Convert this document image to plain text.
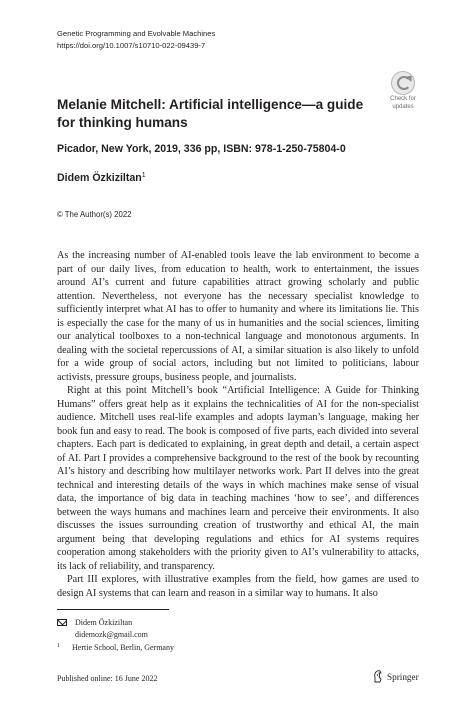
Genetic Programming and Evolvable Machines
https://doi.org/10.1007/s10710-022-09439-7
Check for
updates
Melanie Mitchell: Artificial intelligence—a guide for thinking humans
Picador, New York, 2019, 336 pp, ISBN: 978-1-250-75804-0
Didem Özkiziltan$^1$
© The Author(s) 2022

As the increasing number of AI-enabled tools leave the lab environment to become a part of our daily lives, from education to health, work to entertainment, the issues around AI’s current and future capabilities attract growing scholarly and public attention. Nevertheless, not everyone has the necessary specialist knowledge to sufficiently interpret what AI has to offer to humanity and where its limitations lie. This is especially the case for the many of us in humanities and the social sciences, limiting our analytical toolboxes to a non-technical language and monotonous arguments. In dealing with the societal repercussions of AI, a similar situation is also likely to unfold for a wide group of social actors, including but not limited to politicians, labour activists, pressure groups, business people, and journalists.

Right at this point Mitchell’s book “Artificial Intelligence: A Guide for Thinking Humans” offers great help as it explains the technicalities of AI for the non-specialist audience. Mitchell uses real-life examples and adopts layman’s language, making her book fun and easy to read. The book is composed of five parts, each divided into several chapters. Each part is dedicated to explaining, in great depth and detail, a certain aspect of AI. Part I provides a comprehensive background to the rest of the book by recounting AI’s history and describing how multilayer networks work. Part II delves into the great technical and interesting details of the ways in which machines make sense of visual data, the importance of big data in teaching machines ‘how to see’, and differences between the ways humans and machines learn and perceive their environments. It also discusses the issues surrounding creation of trustworthy and ethical AI, the main argument being that developing regulations and ethics for AI systems requires cooperation among stakeholders with the priority given to AI’s vulnerability to attacks, its lack of reliability, and transparency.

Part III explores, with illustrative examples from the field, how games are used to design AI systems that can learn and reason in a similar way to humans. It also

Didem Özkiziltan
didemozk@gmail.com
$^1$ Hertie School, Berlin, Germany
Published online: 16 June 2022	Springer
